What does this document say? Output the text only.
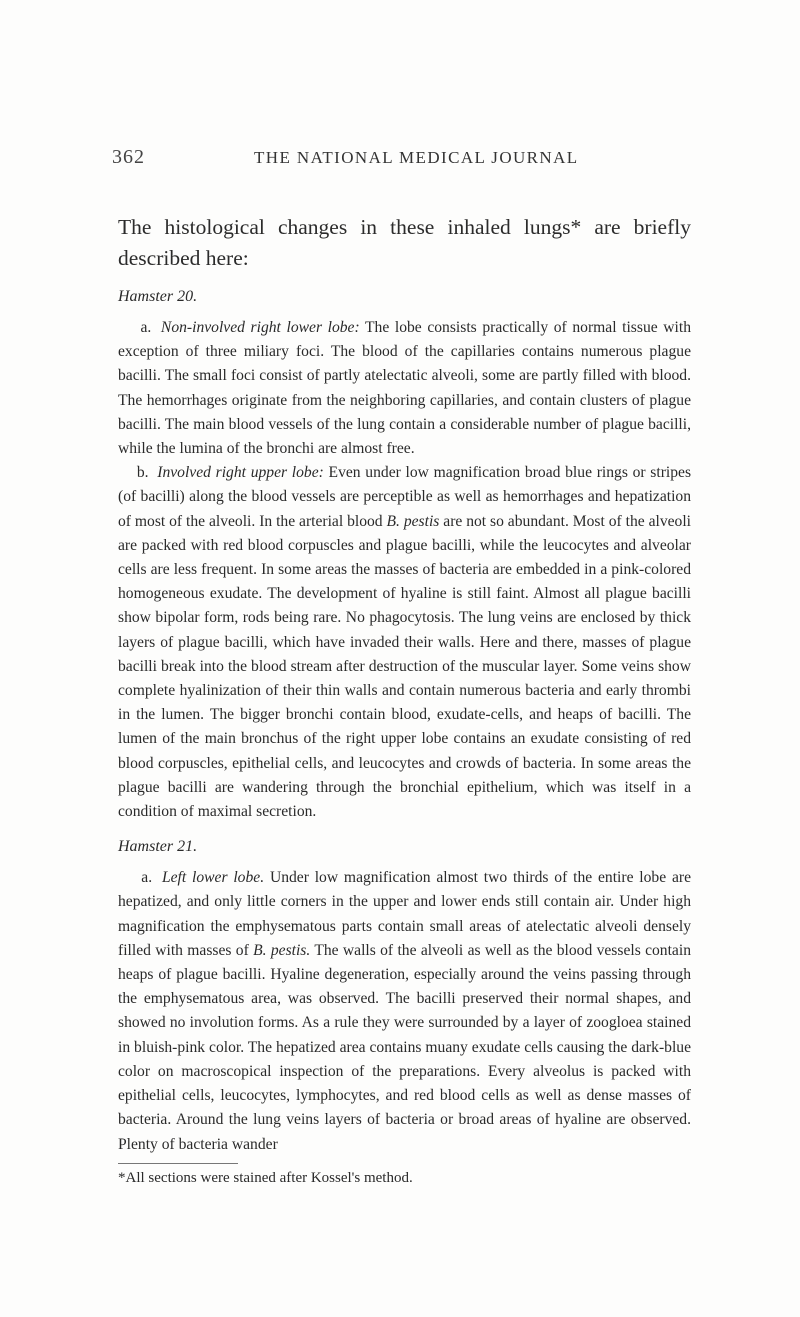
362	THE NATIONAL MEDICAL JOURNAL

The histological changes in these inhaled lungs* are briefly described here:

Hamster 20.

a. Non-involved right lower lobe: The lobe consists practically of normal tissue with exception of three miliary foci. The blood of the capillaries contains numerous plague bacilli. The small foci consist of partly atelectatic alveoli, some are partly filled with blood. The hemorrhages originate from the neighboring capillaries, and contain clusters of plague bacilli. The main blood vessels of the lung contain a considerable number of plague bacilli, while the lumina of the bronchi are almost free.

b. Involved right upper lobe: Even under low magnification broad blue rings or stripes (of bacilli) along the blood vessels are perceptible as well as hemorrhages and hepatization of most of the alveoli. In the arterial blood B. pestis are not so abundant. Most of the alveoli are packed with red blood corpuscles and plague bacilli, while the leucocytes and alveolar cells are less frequent. In some areas the masses of bacteria are embedded in a pink-colored homogeneous exudate. The development of hyaline is still faint. Almost all plague bacilli show bipolar form, rods being rare. No phagocytosis. The lung veins are enclosed by thick layers of plague bacilli, which have invaded their walls. Here and there, masses of plague bacilli break into the blood stream after destruction of the muscular layer. Some veins show complete hyalinization of their thin walls and contain numerous bacteria and early thrombi in the lumen. The bigger bronchi contain blood, exudate-cells, and heaps of bacilli. The lumen of the main bronchus of the right upper lobe contains an exudate consisting of red blood corpuscles, epithelial cells, and leucocytes and crowds of bacteria. In some areas the plague bacilli are wandering through the bronchial epithelium, which was itself in a condition of maximal secretion.

Hamster 21.

a. Left lower lobe. Under low magnification almost two thirds of the entire lobe are hepatized, and only little corners in the upper and lower ends still contain air. Under high magnification the emphysematous parts contain small areas of atelectatic alveoli densely filled with masses of B. pestis. The walls of the alveoli as well as the blood vessels contain heaps of plague bacilli. Hyaline degeneration, especially around the veins passing through the emphysematous area, was observed. The bacilli preserved their normal shapes, and showed no involution forms. As a rule they were surrounded by a layer of zoogloea stained in bluish-pink color. The hepatized area contains muany exudate cells causing the dark-blue color on macroscopical inspection of the preparations. Every alveolus is packed with epithelial cells, leucocytes, lymphocytes, and red blood cells as well as dense masses of bacteria. Around the lung veins layers of bacteria or broad areas of hyaline are observed. Plenty of bacteria wander

*All sections were stained after Kossel's method.
